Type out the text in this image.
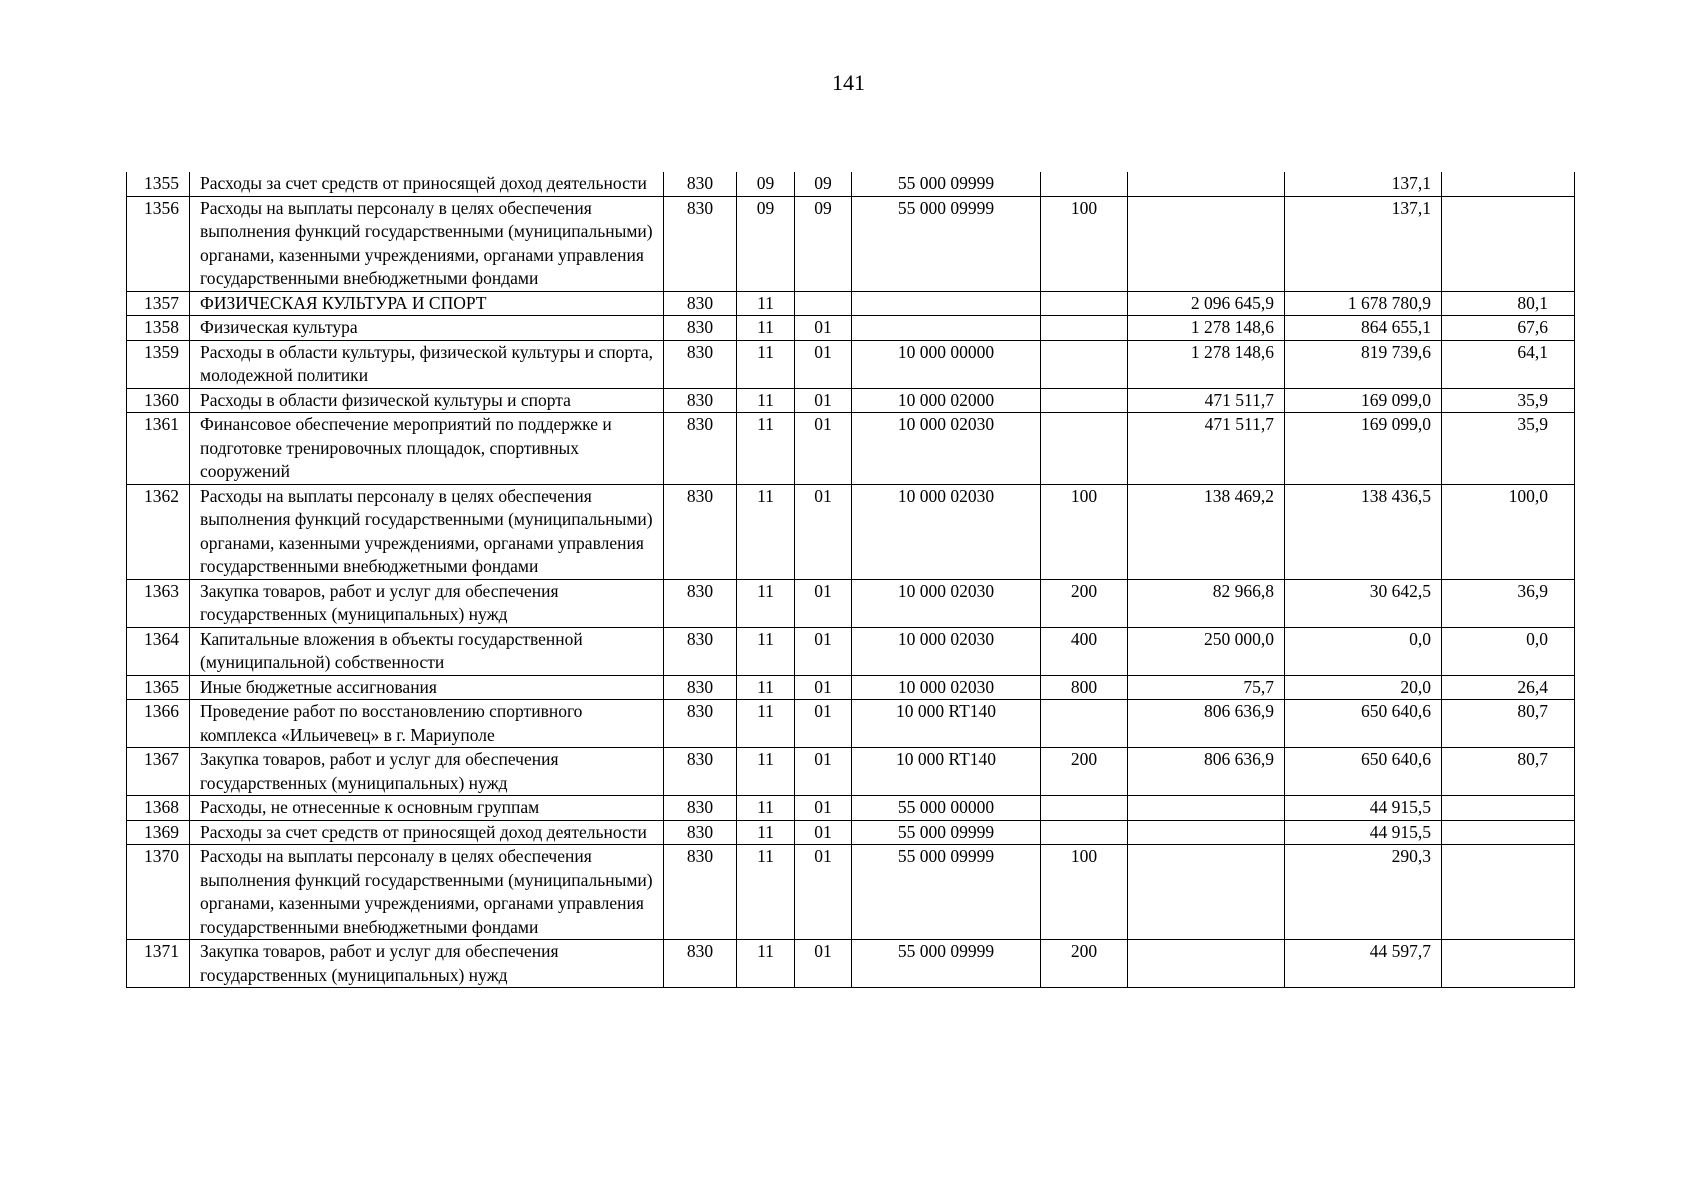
141
1355	Расходы за счет средств от приносящей доход деятельности	830	09	09	55 000 09999			137,1	
1356	Расходы на выплаты персоналу в целях обеспечения выполнения функций государственными (муниципальными) органами, казенными учреждениями, органами управления государственными внебюджетными фондами	830	09	09	55 000 09999	100		137,1	
1357	ФИЗИЧЕСКАЯ КУЛЬТУРА И СПОРТ	830	11				2 096 645,9	1 678 780,9	80,1
1358	Физическая культура	830	11	01			1 278 148,6	864 655,1	67,6
1359	Расходы в области культуры, физической культуры и спорта, молодежной политики	830	11	01	10 000 00000		1 278 148,6	819 739,6	64,1
1360	Расходы в области физической культуры и спорта	830	11	01	10 000 02000		471 511,7	169 099,0	35,9
1361	Финансовое обеспечение мероприятий по поддержке и подготовке тренировочных площадок, спортивных сооружений	830	11	01	10 000 02030		471 511,7	169 099,0	35,9
1362	Расходы на выплаты персоналу в целях обеспечения выполнения функций государственными (муниципальными) органами, казенными учреждениями, органами управления государственными внебюджетными фондами	830	11	01	10 000 02030	100	138 469,2	138 436,5	100,0
1363	Закупка товаров, работ и услуг для обеспечения государственных (муниципальных) нужд	830	11	01	10 000 02030	200	82 966,8	30 642,5	36,9
1364	Капитальные вложения в объекты государственной (муниципальной) собственности	830	11	01	10 000 02030	400	250 000,0	0,0	0,0
1365	Иные бюджетные ассигнования	830	11	01	10 000 02030	800	75,7	20,0	26,4
1366	Проведение работ по восстановлению спортивного комплекса «Ильичевец» в г. Мариуполе	830	11	01	10 000 RT140		806 636,9	650 640,6	80,7
1367	Закупка товаров, работ и услуг для обеспечения государственных (муниципальных) нужд	830	11	01	10 000 RT140	200	806 636,9	650 640,6	80,7
1368	Расходы, не отнесенные к основным группам	830	11	01	55 000 00000			44 915,5	
1369	Расходы за счет средств от приносящей доход деятельности	830	11	01	55 000 09999			44 915,5	
1370	Расходы на выплаты персоналу в целях обеспечения выполнения функций государственными (муниципальными) органами, казенными учреждениями, органами управления государственными внебюджетными фондами	830	11	01	55 000 09999	100		290,3	
1371	Закупка товаров, работ и услуг для обеспечения государственных (муниципальных) нужд	830	11	01	55 000 09999	200		44 597,7	
